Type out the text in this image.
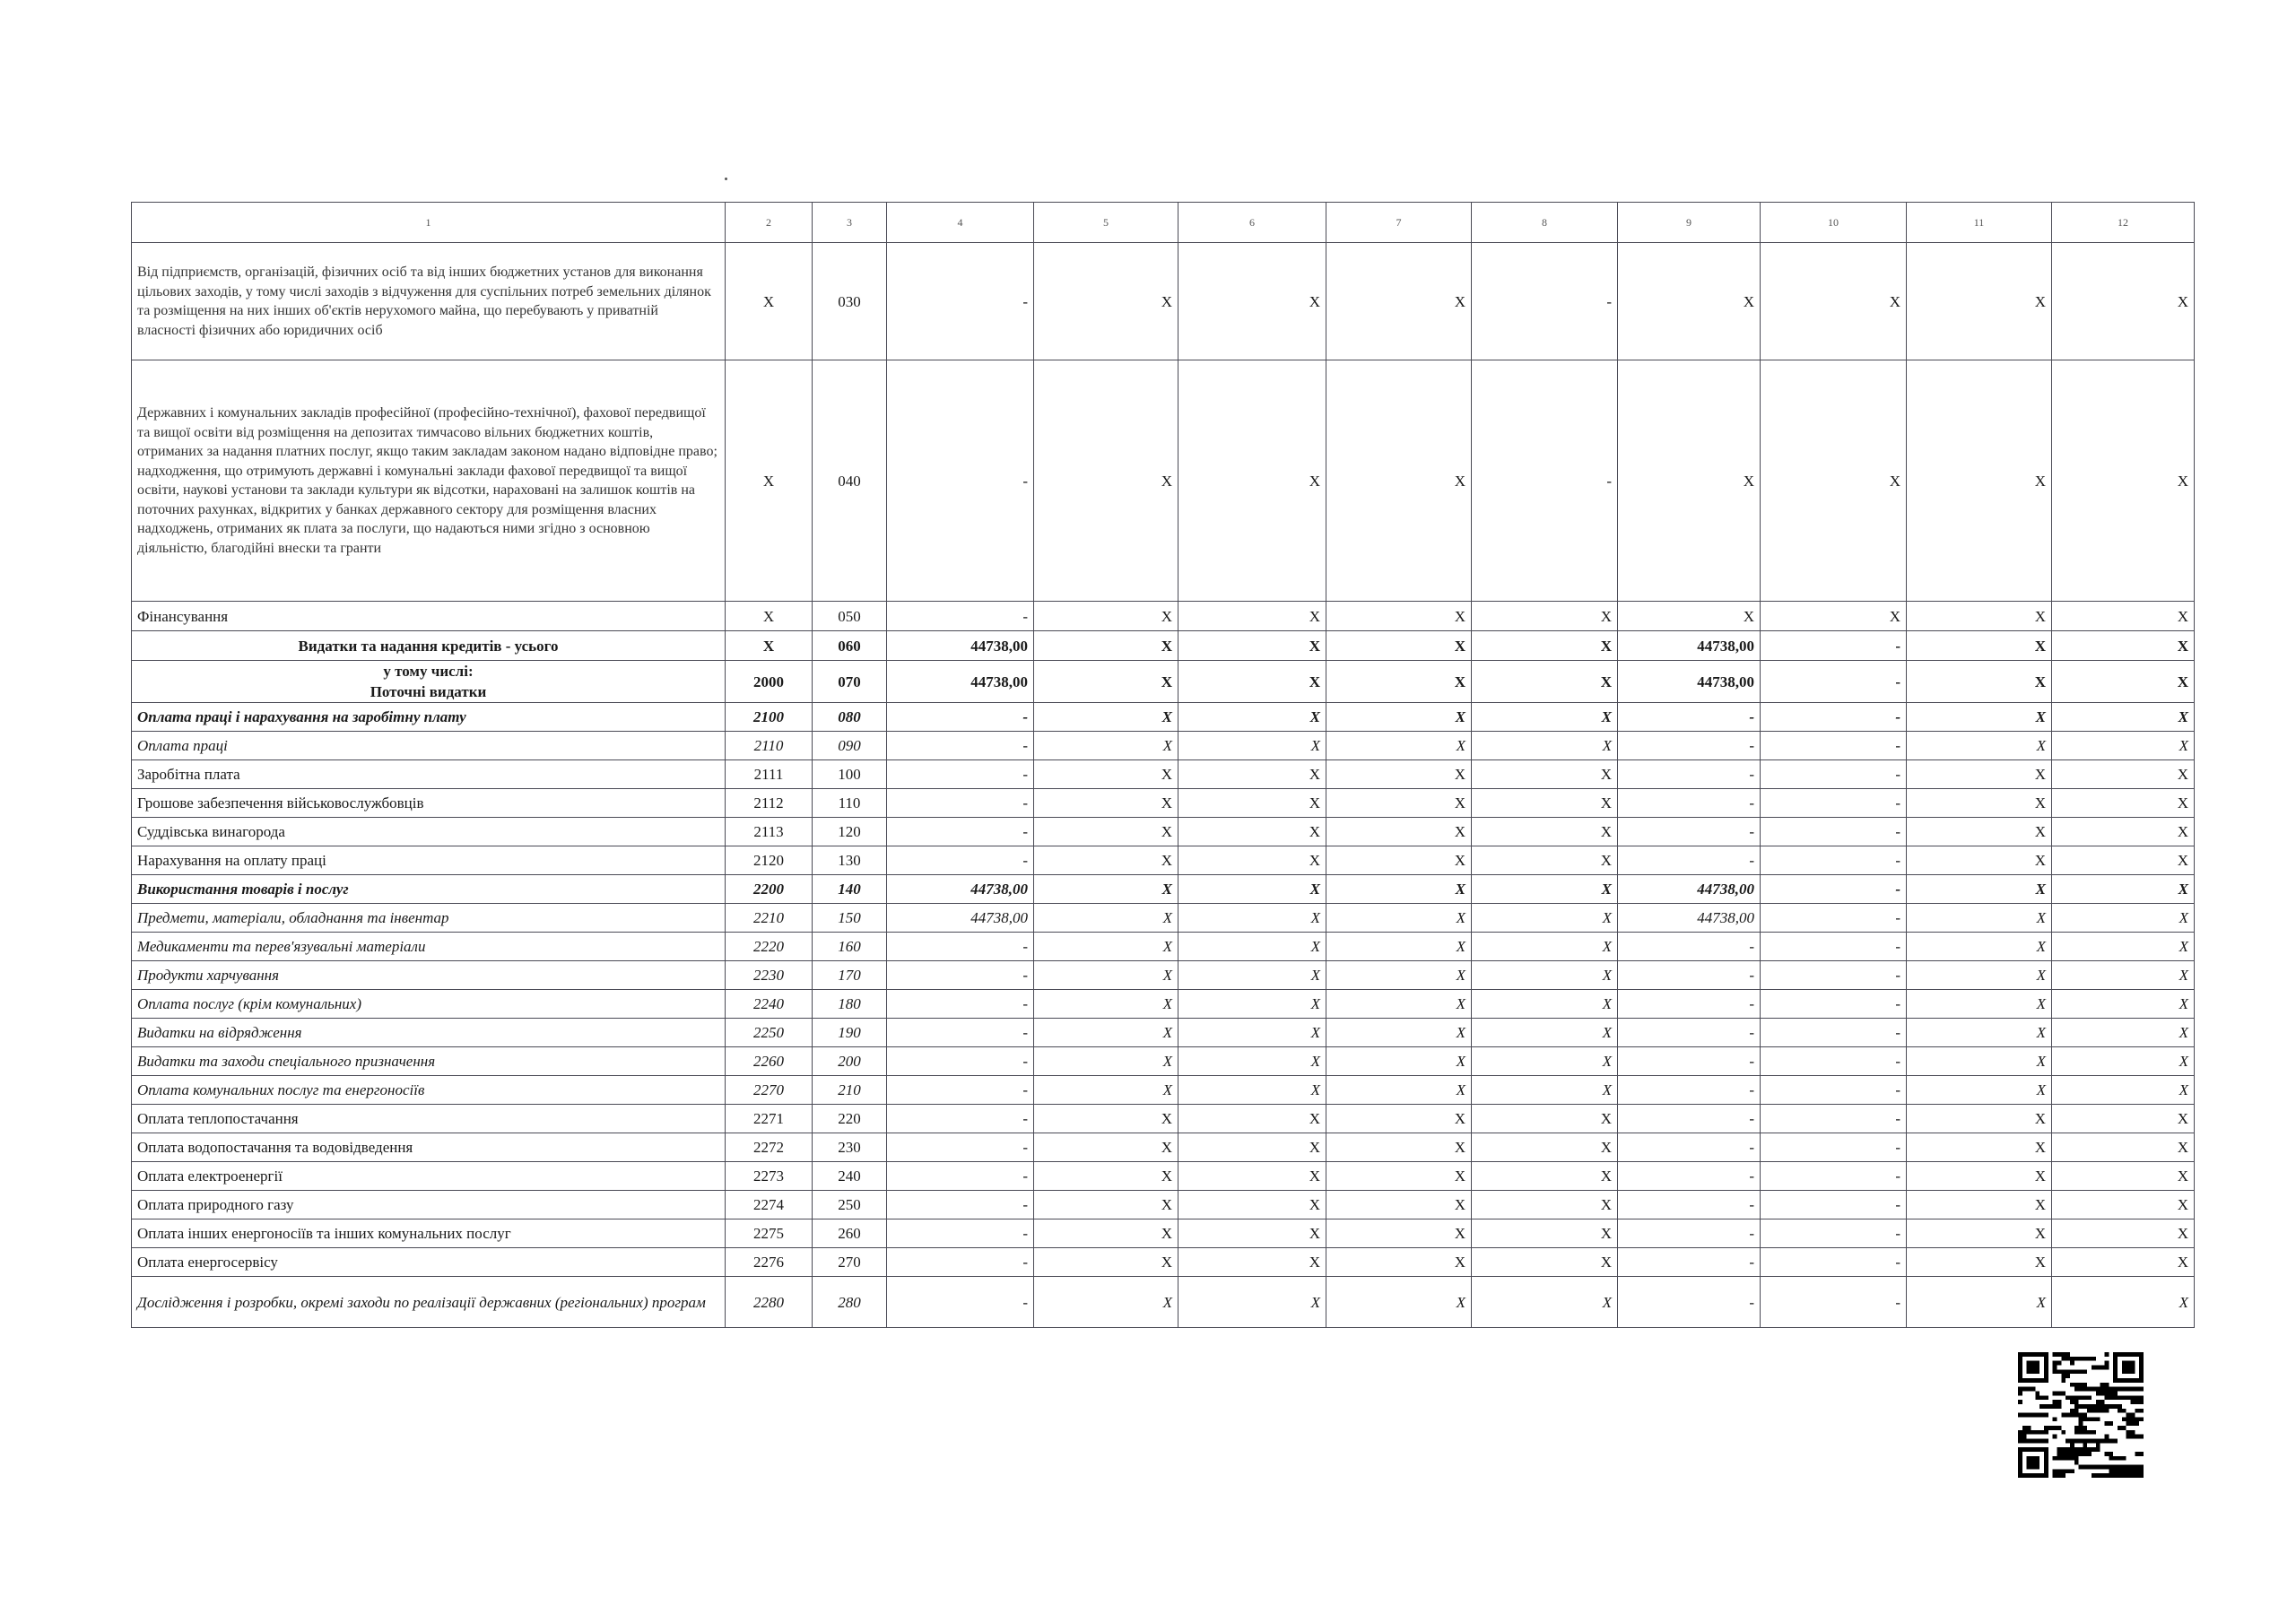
1	2	3	4	5	6	7	8	9	10	11	12
Від підприємств, організацій, фізичних осіб та від інших бюджетних установ для виконання цільових заходів, у тому числі заходів з відчуження для суспільних потреб земельних ділянок та розміщення на них інших об'єктів нерухомого майна, що перебувають у приватній власності фізичних або юридичних осіб	X	030	-	X	X	X	-	X	X	X	X
Державних і комунальних закладів професійної (професійно-технічної), фахової передвищої та вищої освіти від розміщення на депозитах тимчасово вільних бюджетних коштів, отриманих за надання платних послуг, якщо таким закладам законом надано відповідне право; надходження, що отримують державні і комунальні заклади фахової передвищої та вищої освіти, наукові установи та заклади культури як відсотки, нараховані на залишок коштів на поточних рахунках, відкритих у банках державного сектору для розміщення власних надходжень, отриманих як плата за послуги, що надаються ними згідно з основною діяльністю, благодійні внески та гранти	X	040	-	X	X	X	-	X	X	X	X
Фінансування	X	050	-	X	X	X	X	X	X	X	X
Видатки та надання кредитів - усього	X	060	44738,00	X	X	X	X	44738,00	-	X	X

у тому числі:
Поточні видатки	2000	070	44738,00	X	X	X	X	44738,00	-	X	X
Оплата праці і нарахування на заробітну плату	2100	080	-	X	X	X	X	-	-	X	X
Оплата праці	2110	090	-	X	X	X	X	-	-	X	X
Заробітна плата	2111	100	-	X	X	X	X	-	-	X	X
Грошове забезпечення військовослужбовців	2112	110	-	X	X	X	X	-	-	X	X
Суддівська винагорода	2113	120	-	X	X	X	X	-	-	X	X
Нарахування на оплату праці	2120	130	-	X	X	X	X	-	-	X	X
Використання товарів і послуг	2200	140	44738,00	X	X	X	X	44738,00	-	X	X
Предмети, матеріали, обладнання та інвентар	2210	150	44738,00	X	X	X	X	44738,00	-	X	X
Медикаменти та перев'язувальні матеріали	2220	160	-	X	X	X	X	-	-	X	X
Продукти харчування	2230	170	-	X	X	X	X	-	-	X	X
Оплата послуг (крім комунальних)	2240	180	-	X	X	X	X	-	-	X	X
Видатки на відрядження	2250	190	-	X	X	X	X	-	-	X	X
Видатки та заходи спеціального призначення	2260	200	-	X	X	X	X	-	-	X	X
Оплата комунальних послуг та енергоносіїв	2270	210	-	X	X	X	X	-	-	X	X
Оплата теплопостачання	2271	220	-	X	X	X	X	-	-	X	X
Оплата водопостачання та водовідведення	2272	230	-	X	X	X	X	-	-	X	X
Оплата електроенергії	2273	240	-	X	X	X	X	-	-	X	X
Оплата природного газу	2274	250	-	X	X	X	X	-	-	X	X
Оплата інших енергоносіїв та інших комунальних послуг	2275	260	-	X	X	X	X	-	-	X	X
Оплата енергосервісу	2276	270	-	X	X	X	X	-	-	X	X
Дослідження і розробки, окремі заходи по реалізації державних (регіональних) програм	2280	280	-	X	X	X	X	-	-	X	X
